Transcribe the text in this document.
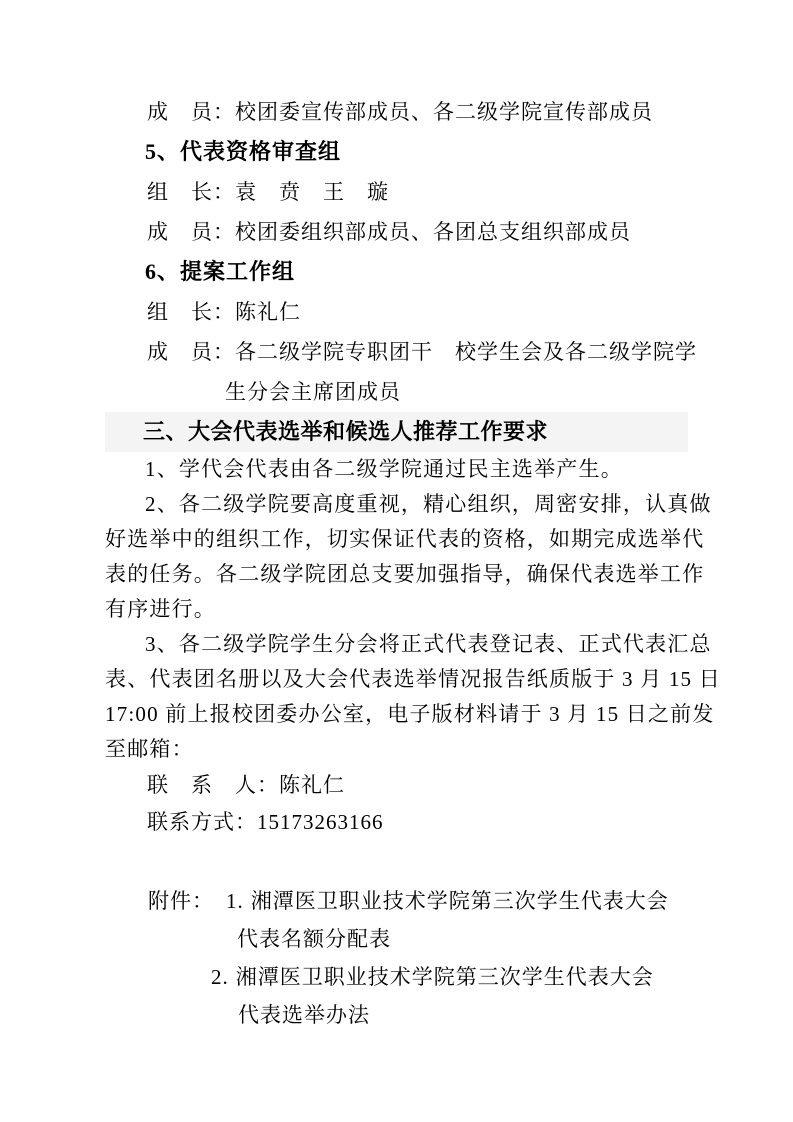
成　员：校团委宣传部成员、各二级学院宣传部成员
5、代表资格审查组
组　长：袁　贲　王　璇
成　员：校团委组织部成员、各团总支组织部成员
6、提案工作组
组　长：陈礼仁
成　员：各二级学院专职团干　校学生会及各二级学院学
生分会主席团成员
三、大会代表选举和候选人推荐工作要求
1、学代会代表由各二级学院通过民主选举产生。
2、各二级学院要高度重视，精心组织，周密安排，认真做
好选举中的组织工作，切实保证代表的资格，如期完成选举代
表的任务。各二级学院团总支要加强指导，确保代表选举工作
有序进行。
3、各二级学院学生分会将正式代表登记表、正式代表汇总
表、代表团名册以及大会代表选举情况报告纸质版于 3 月 15 日
17:00 前上报校团委办公室，电子版材料请于 3 月 15 日之前发
至邮箱：
联　系　人：陈礼仁
联系方式：15173263166
附件： 1. 湘潭医卫职业技术学院第三次学生代表大会
代表名额分配表
2. 湘潭医卫职业技术学院第三次学生代表大会
代表选举办法
